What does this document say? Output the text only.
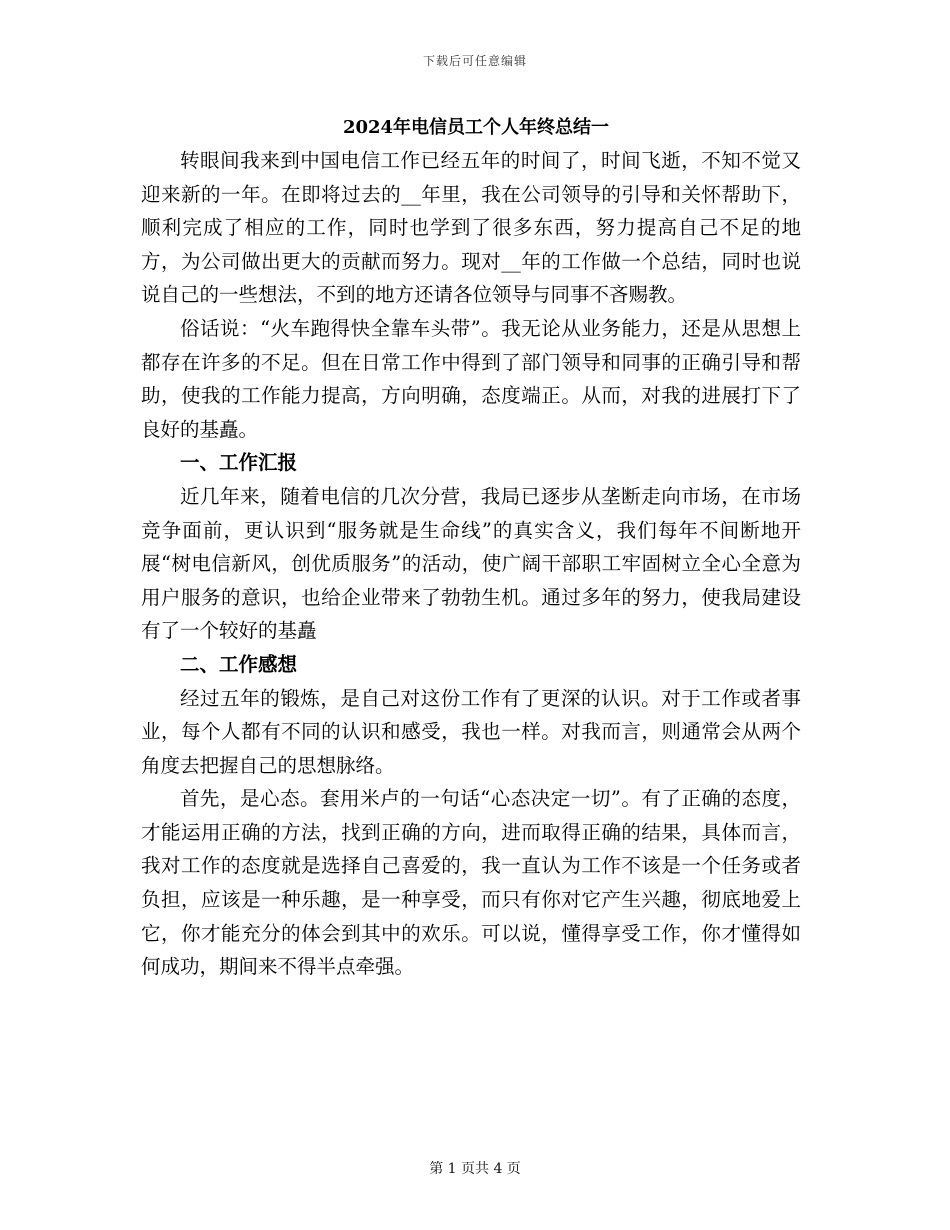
下载后可任意编辑
2024年电信员工个人年终总结一

转眼间我来到中国电信工作已经五年的时间了，时间飞逝，不知不觉又迎来新的一年。在即将过去的__年里，我在公司领导的引导和关怀帮助下，顺利完成了相应的工作，同时也学到了很多东西，努力提高自己不足的地方，为公司做出更大的贡献而努力。现对__年的工作做一个总结，同时也说说自己的一些想法，不到的地方还请各位领导与同事不吝赐教。

俗话说：“火车跑得快全靠车头带”。我无论从业务能力，还是从思想上都存在许多的不足。但在日常工作中得到了部门领导和同事的正确引导和帮助，使我的工作能力提高，方向明确，态度端正。从而，对我的进展打下了良好的基矗。

一、工作汇报

近几年来，随着电信的几次分营，我局已逐步从垄断走向市场，在市场竞争面前，更认识到“服务就是生命线”的真实含义，我们每年不间断地开展“树电信新风，创优质服务”的活动，使广阔干部职工牢固树立全心全意为用户服务的意识，也给企业带来了勃勃生机。通过多年的努力，使我局建设有了一个较好的基矗

二、工作感想

经过五年的锻炼，是自己对这份工作有了更深的认识。对于工作或者事业，每个人都有不同的认识和感受，我也一样。对我而言，则通常会从两个角度去把握自己的思想脉络。

首先，是心态。套用米卢的一句话“心态决定一切”。有了正确的态度，才能运用正确的方法，找到正确的方向，进而取得正确的结果，具体而言，我对工作的态度就是选择自己喜爱的，我一直认为工作不该是一个任务或者负担，应该是一种乐趣，是一种享受，而只有你对它产生兴趣，彻底地爱上它，你才能充分的体会到其中的欢乐。可以说，懂得享受工作，你才懂得如何成功，期间来不得半点牵强。

第 1 页共 4 页
